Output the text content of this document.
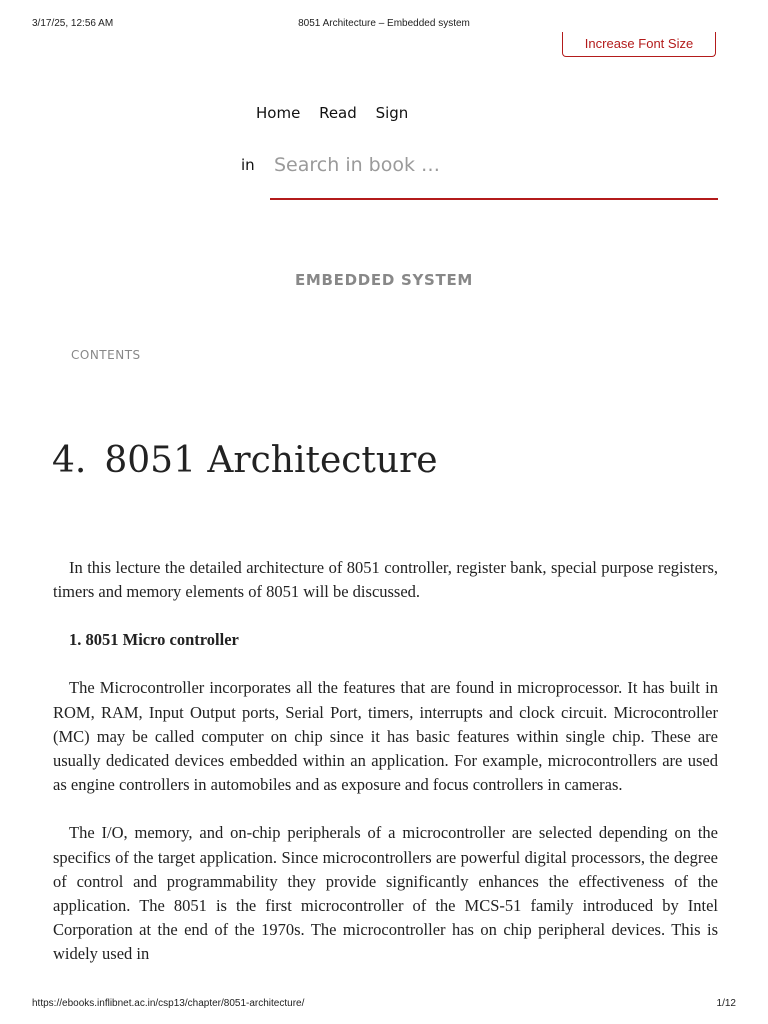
3/17/25, 12:56 AM	8051 Architecture – Embedded system
Increase Font Size
Home Read Sign
in
Search in book …
EMBEDDED SYSTEM
CONTENTS
4. 8051 Architecture

In this lecture the detailed architecture of 8051 controller, register bank, special purpose registers, timers and memory elements of 8051 will be discussed.

1. 8051 Micro controller

The Microcontroller incorporates all the features that are found in microprocessor. It has built in ROM, RAM, Input Output ports, Serial Port, timers, interrupts and clock circuit. Microcontroller (MC) may be called computer on chip since it has basic features within single chip. These are usually dedicated devices embedded within an application. For example, microcontrollers are used as engine controllers in automobiles and as exposure and focus controllers in cameras.

The I/O, memory, and on-chip peripherals of a microcontroller are selected depending on the specifics of the target application. Since microcontrollers are powerful digital processors, the degree of control and programmability they provide significantly enhances the effectiveness of the application. The 8051 is the first microcontroller of the MCS-51 family introduced by Intel Corporation at the end of the 1970s. The microcontroller has on chip peripheral devices. This is widely used in

https://ebooks.inflibnet.ac.in/csp13/chapter/8051-architecture/	1/12
